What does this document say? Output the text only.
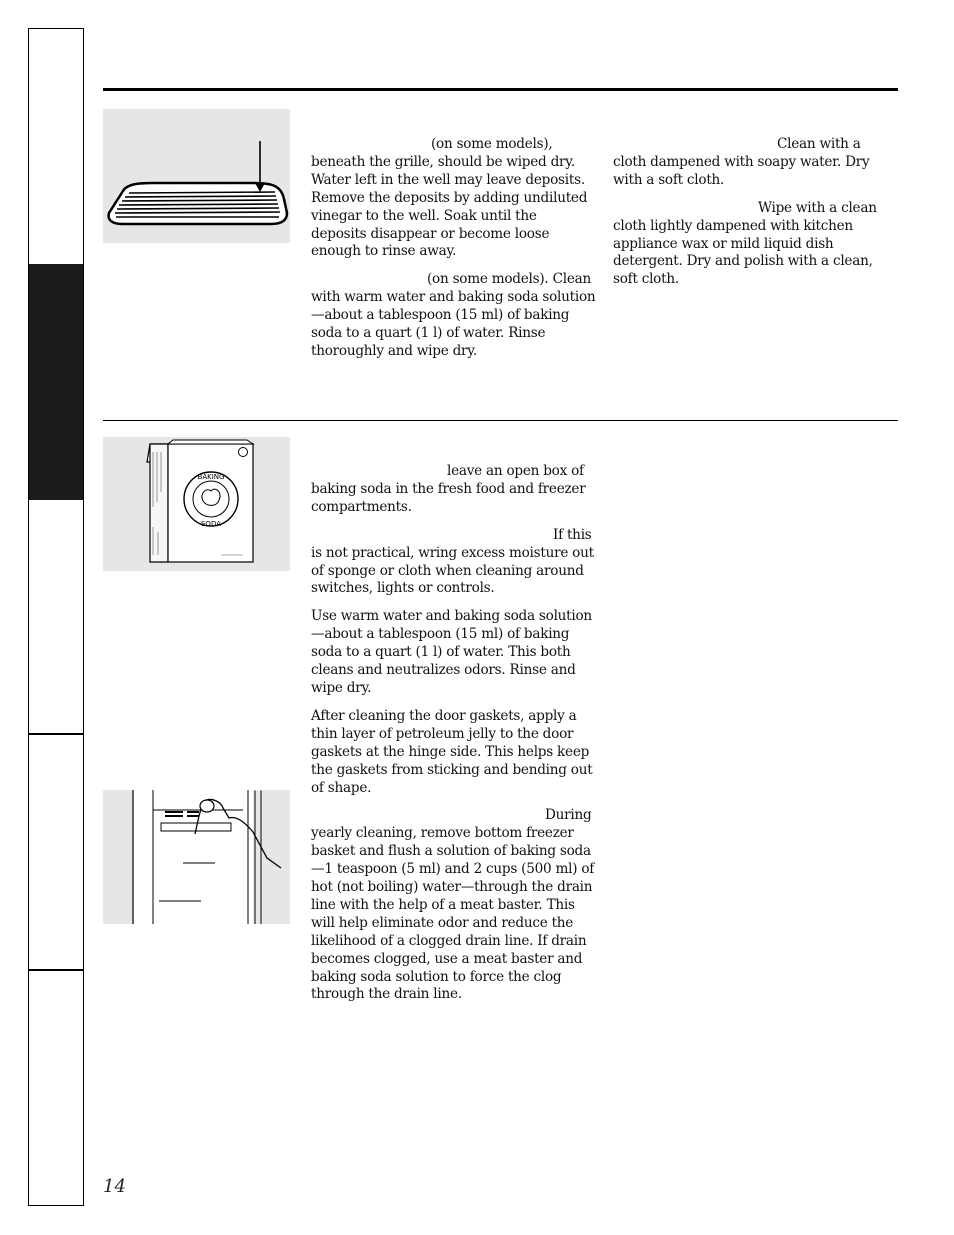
BAKING
SODA

(on some models),
beneath the grille, should be wiped dry. Water left in the well may leave deposits. Remove the deposits by adding undiluted vinegar to the well. Soak until the deposits disappear or become loose enough to rinse away.

(on some models). Clean
with warm water and baking soda solution—about a tablespoon (15 ml) of baking soda to a quart (1 l) of water. Rinse thoroughly and wipe dry.

Clean with a
cloth dampened with soapy water. Dry with a soft cloth.

Wipe with a clean
cloth lightly dampened with kitchen appliance wax or mild liquid dish detergent. Dry and polish with a clean, soft cloth.

leave an open box of
baking soda in the fresh food and freezer compartments.

If this
is not practical, wring excess moisture out of sponge or cloth when cleaning around switches, lights or controls.

Use warm water and baking soda solution—about a tablespoon (15 ml) of baking soda to a quart (1 l) of water. This both cleans and neutralizes odors. Rinse and wipe dry.

After cleaning the door gaskets, apply a thin layer of petroleum jelly to the door gaskets at the hinge side. This helps keep the gaskets from sticking and bending out of shape.

During
yearly cleaning, remove bottom freezer basket and flush a solution of baking soda—1 teaspoon (5 ml) and 2 cups (500 ml) of hot (not boiling) water—through the drain line with the help of a meat baster. This will help eliminate odor and reduce the likelihood of a clogged drain line. If drain becomes clogged, use a meat baster and baking soda solution to force the clog through the drain line.

14
